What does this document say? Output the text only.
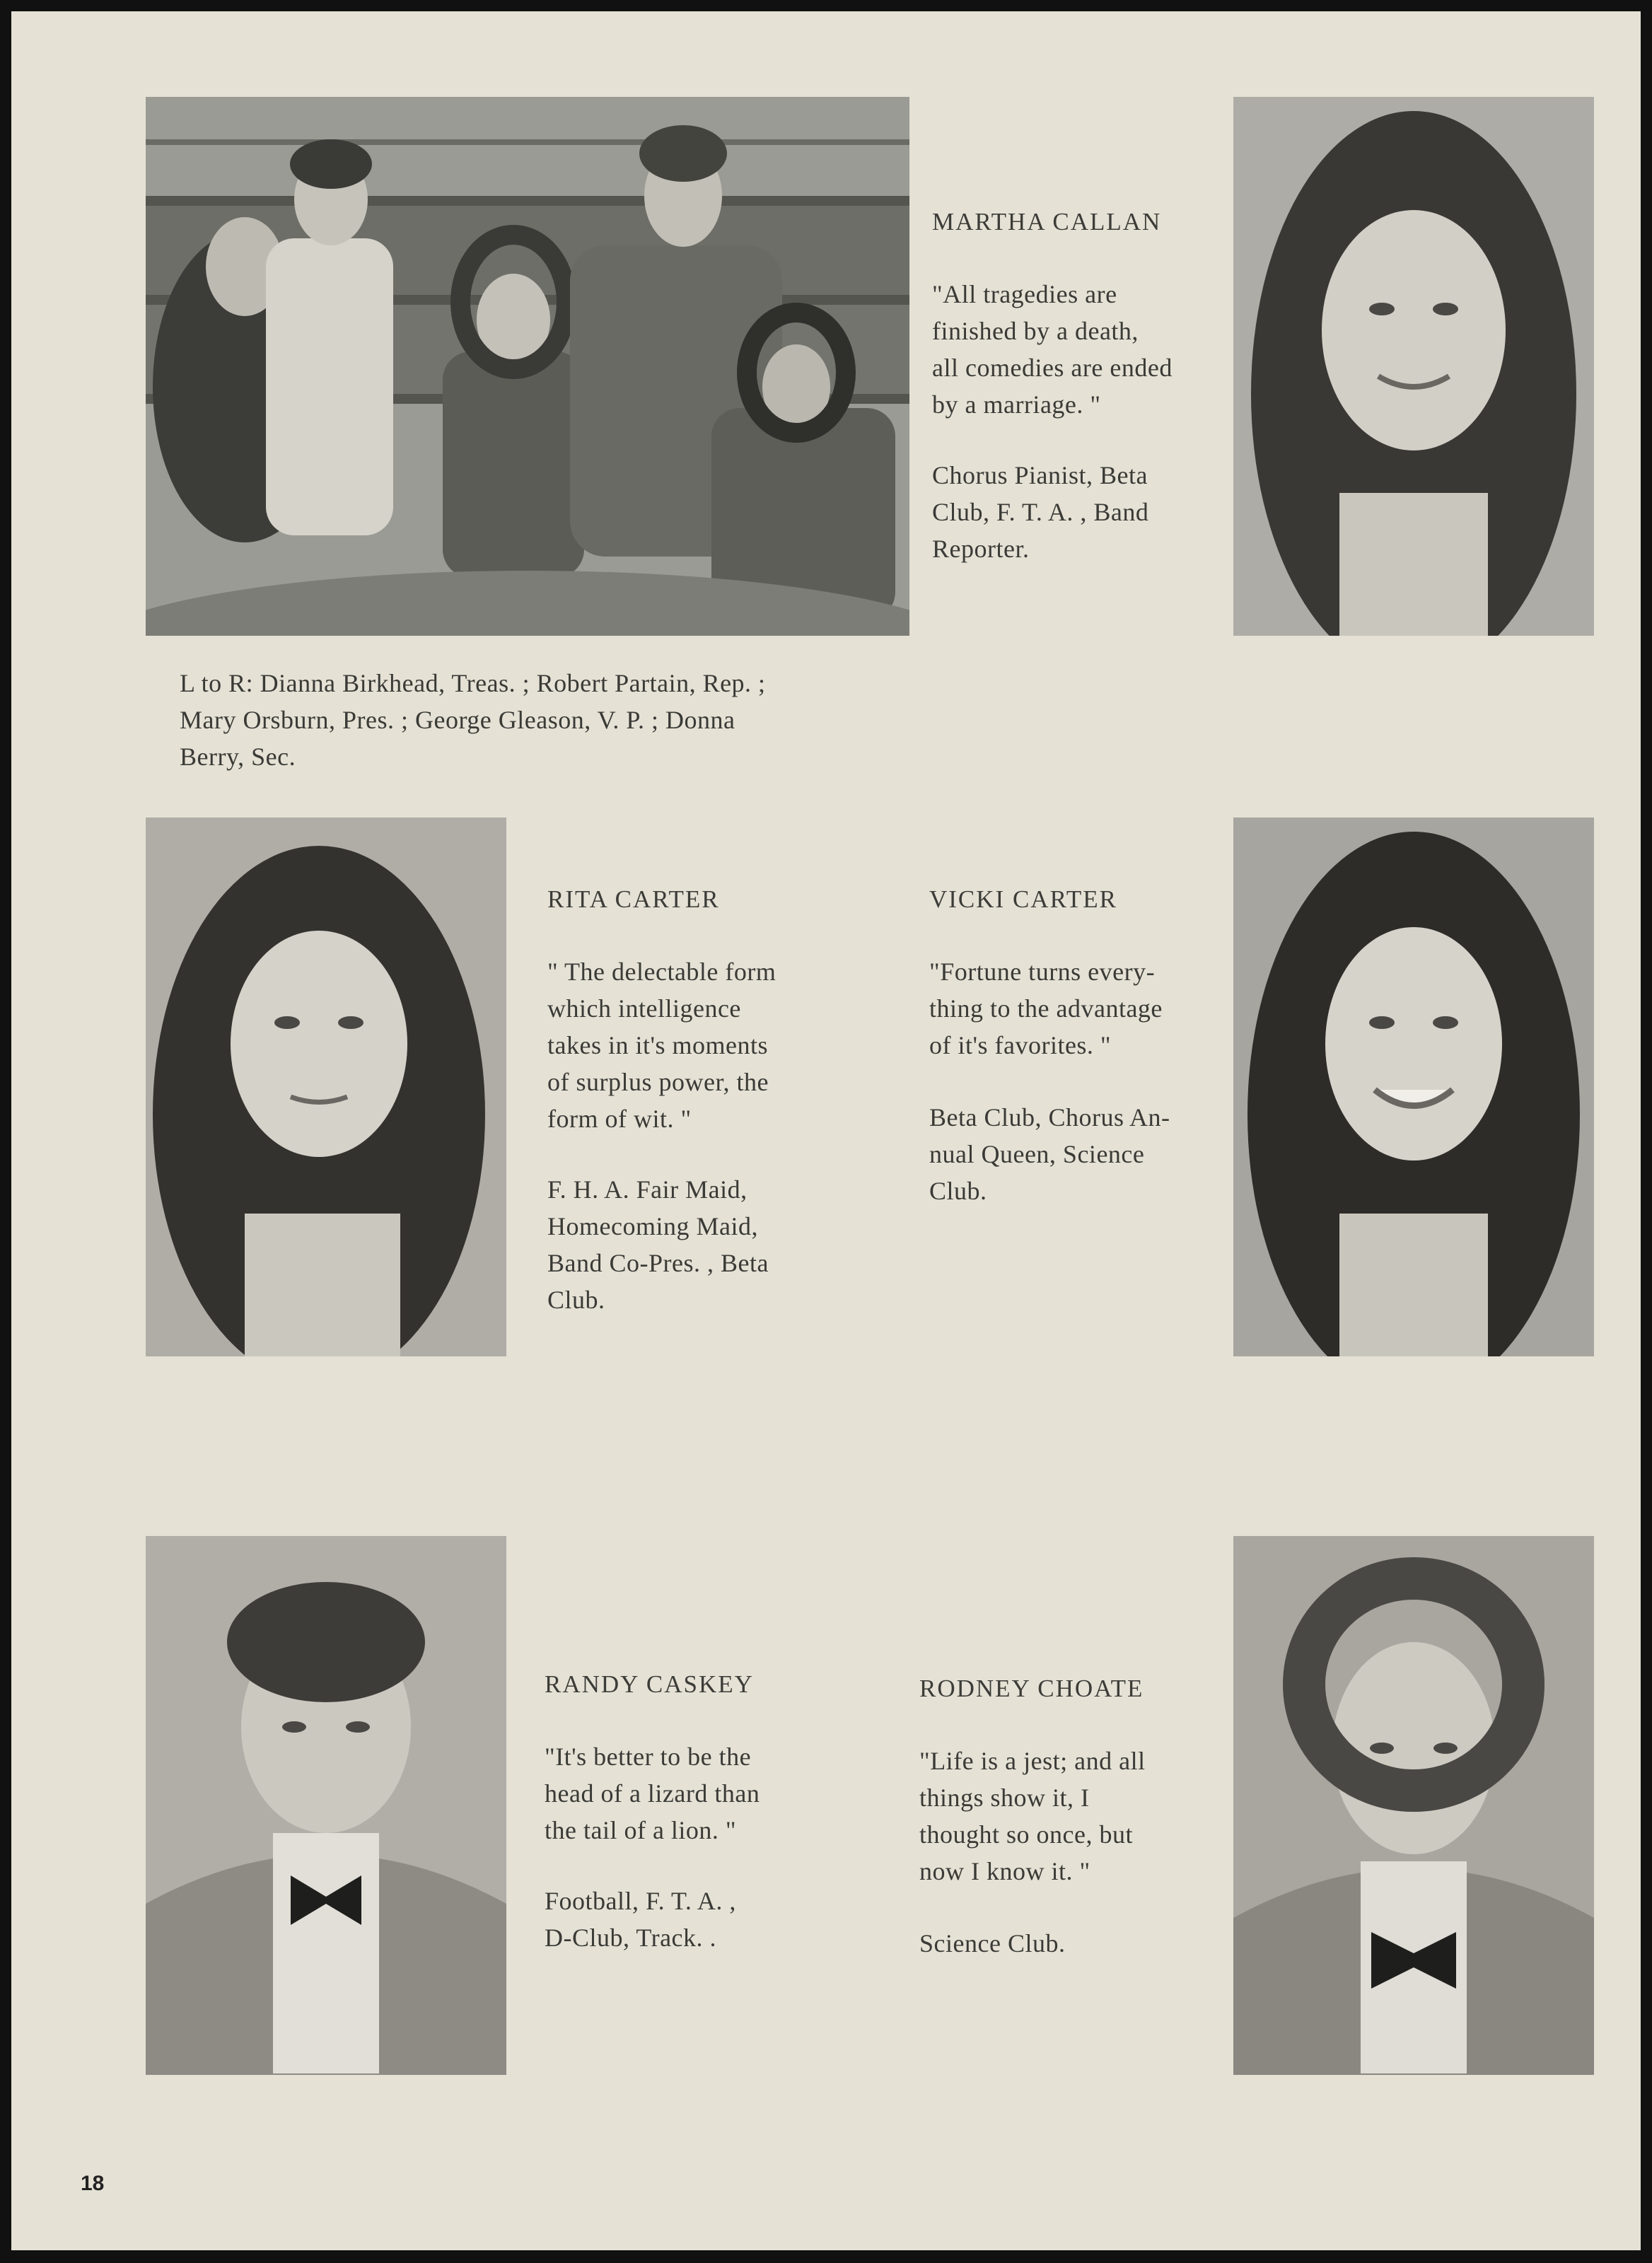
L to R: Dianna Birkhead, Treas. ; Robert Partain, Rep. ;
Mary Orsburn, Pres. ; George Gleason, V. P. ; Donna
Berry, Sec.
MARTHA CALLAN
"All tragedies are
finished by a death,
all comedies are ended
by a marriage. "
Chorus Pianist, Beta
Club, F. T. A. , Band
Reporter.
RITA CARTER
" The delectable form
which intelligence
takes in it's moments
of surplus power, the
form of wit. "
F. H. A. Fair Maid,
Homecoming Maid,
Band Co-Pres. , Beta
Club.
VICKI CARTER
"Fortune turns every-
thing to the advantage
of it's favorites. "
Beta Club, Chorus An-
nual Queen, Science
Club.
RANDY CASKEY
"It's better to be the
head of a lizard than
the tail of a lion. "
Football, F. T. A. ,
D-Club, Track. .
RODNEY CHOATE
"Life is a jest; and all
things show it, I
thought so once, but
now I know it. "
Science Club.
18
